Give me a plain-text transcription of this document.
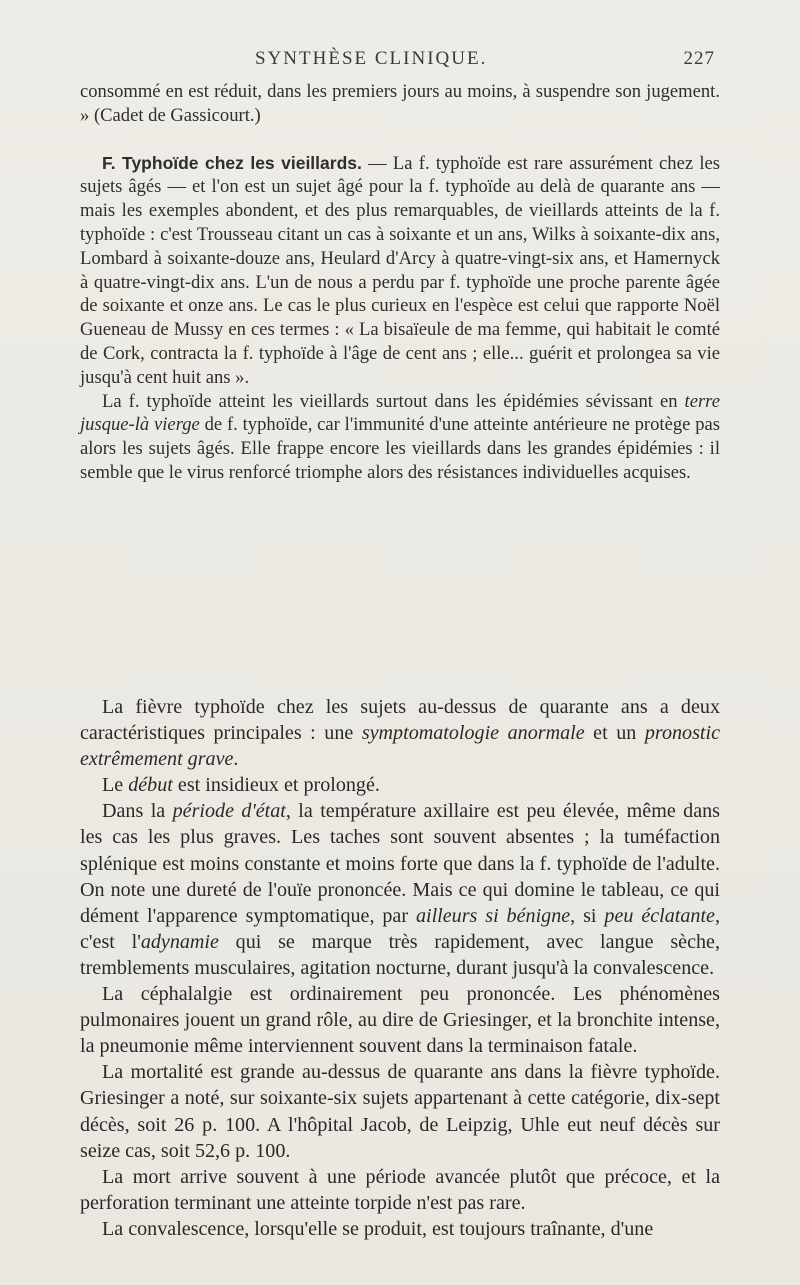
SYNTHÈSE CLINIQUE.	227

consommé en est réduit, dans les premiers jours au moins, à suspendre son jugement. » (Cadet de Gassicourt.)

F. Typhoïde chez les vieillards. — La f. typhoïde est rare assurément chez les sujets âgés — et l'on est un sujet âgé pour la f. typhoïde au delà de quarante ans — mais les exemples abondent, et des plus remarquables, de vieillards atteints de la f. typhoïde : c'est Trousseau citant un cas à soixante et un ans, Wilks à soixante-dix ans, Lombard à soixante-douze ans, Heulard d'Arcy à quatre-vingt-six ans, et Hamernyck à quatre-vingt-dix ans. L'un de nous a perdu par f. typhoïde une proche parente âgée de soixante et onze ans. Le cas le plus curieux en l'espèce est celui que rapporte Noël Gueneau de Mussy en ces termes : « La bisaïeule de ma femme, qui habitait le comté de Cork, contracta la f. typhoïde à l'âge de cent ans ; elle... guérit et prolongea sa vie jusqu'à cent huit ans ».

La f. typhoïde atteint les vieillards surtout dans les épidémies sévissant en terre jusque-là vierge de f. typhoïde, car l'immunité d'une atteinte antérieure ne protège pas alors les sujets âgés. Elle frappe encore les vieillards dans les grandes épidémies : il semble que le virus renforcé triomphe alors des résistances individuelles acquises.

La fièvre typhoïde chez les sujets au-dessus de quarante ans a deux caractéristiques principales : une symptomatologie anormale et un pronostic extrêmement grave.

Le début est insidieux et prolongé.

Dans la période d'état, la température axillaire est peu élevée, même dans les cas les plus graves. Les taches sont souvent absentes ; la tuméfaction splénique est moins constante et moins forte que dans la f. typhoïde de l'adulte. On note une dureté de l'ouïe prononcée. Mais ce qui domine le tableau, ce qui dément l'apparence symptomatique, par ailleurs si bénigne, si peu éclatante, c'est l'adynamie qui se marque très rapidement, avec langue sèche, tremblements musculaires, agitation nocturne, durant jusqu'à la convalescence.

La céphalalgie est ordinairement peu prononcée. Les phénomènes pulmonaires jouent un grand rôle, au dire de Griesinger, et la bronchite intense, la pneumonie même interviennent souvent dans la terminaison fatale.

La mortalité est grande au-dessus de quarante ans dans la fièvre typhoïde. Griesinger a noté, sur soixante-six sujets appartenant à cette catégorie, dix-sept décès, soit 26 p. 100. A l'hôpital Jacob, de Leipzig, Uhle eut neuf décès sur seize cas, soit 52,6 p. 100.

La mort arrive souvent à une période avancée plutôt que précoce, et la perforation terminant une atteinte torpide n'est pas rare.

La convalescence, lorsqu'elle se produit, est toujours traînante, d'une
